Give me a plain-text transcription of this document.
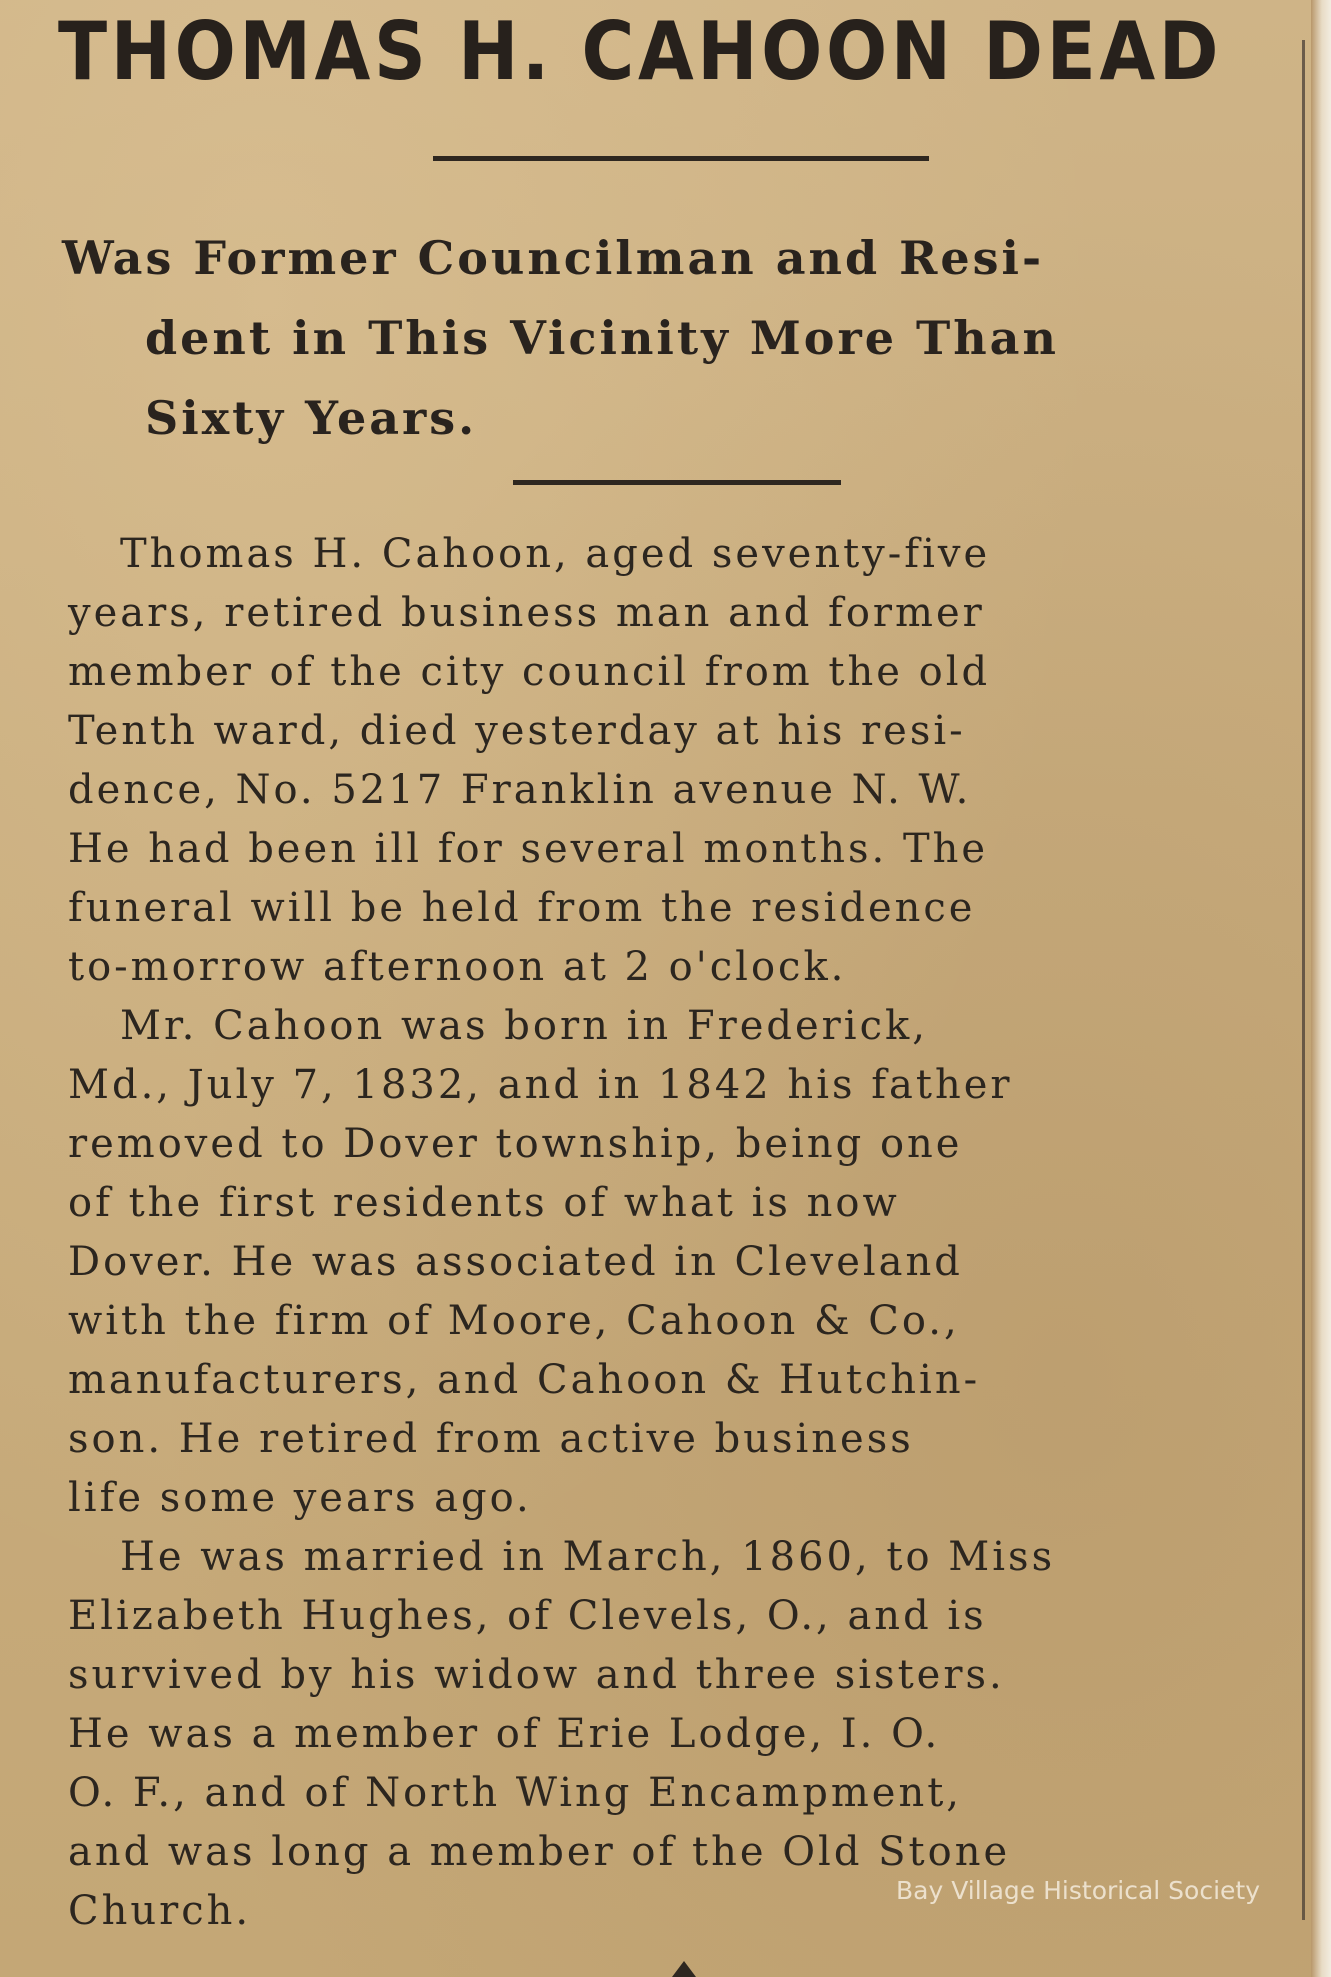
THOMAS H. CAHOON DEAD
Was Former Councilman and Resi-
dent in This Vicinity More Than
Sixty Years.
Thomas H. Cahoon, aged seventy-five
years, retired business man and former
member of the city council from the old
Tenth ward, died yesterday at his resi-
dence, No. 5217 Franklin avenue N. W.
He had been ill for several months. The
funeral will be held from the residence
to-morrow afternoon at 2 o'clock.
Mr. Cahoon was born in Frederick,
Md., July 7, 1832, and in 1842 his father
removed to Dover township, being one
of the first residents of what is now
Dover. He was associated in Cleveland
with the firm of Moore, Cahoon & Co.,
manufacturers, and Cahoon & Hutchin-
son. He retired from active business
life some years ago.
He was married in March, 1860, to Miss
Elizabeth Hughes, of Clevels, O., and is
survived by his widow and three sisters.
He was a member of Erie Lodge, I. O.
O. F., and of North Wing Encampment,
and was long a member of the Old Stone
Church.	Bay Village Historical Society
